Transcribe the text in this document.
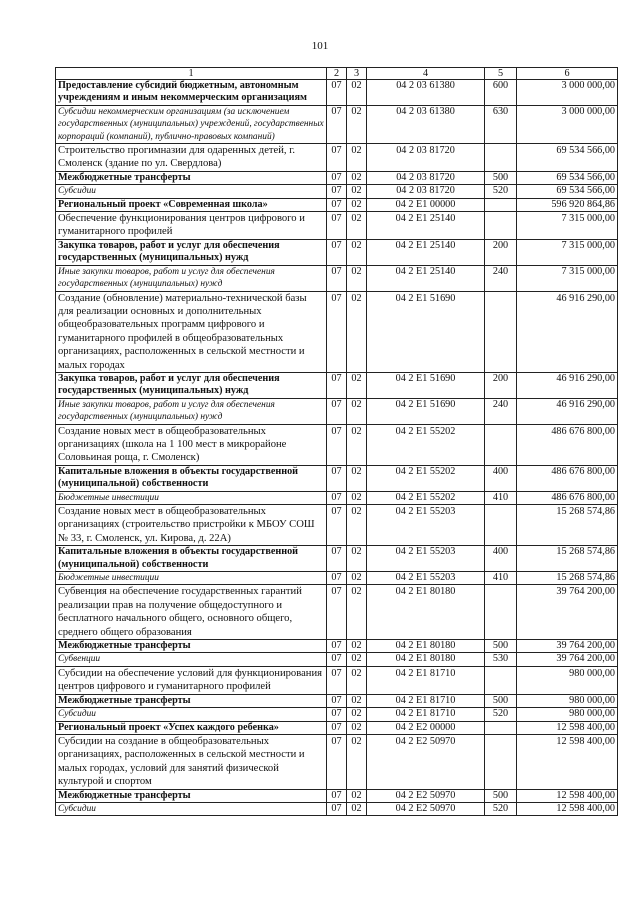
101
1	2	3	4	5	6
Предоставление субсидий бюджетным, автономным учреждениям и иным некоммерческим организациям	07	02	04 2 03 61380	600	3 000 000,00
Субсидии некоммерческим организациям (за исключением государственных (муниципальных) учреждений, государственных корпораций (компаний), публично-правовых компаний)	07	02	04 2 03 61380	630	3 000 000,00
Строительство прогимназии для одаренных детей, г. Смоленск (здание по ул. Свердлова)	07	02	04 2 03 81720		69 534 566,00
Межбюджетные трансферты	07	02	04 2 03 81720	500	69 534 566,00
Субсидии	07	02	04 2 03 81720	520	69 534 566,00
Региональный проект «Современная школа»	07	02	04 2 E1 00000		596 920 864,86
Обеспечение функционирования центров цифрового и гуманитарного профилей	07	02	04 2 E1 25140		7 315 000,00
Закупка товаров, работ и услуг для обеспечения государственных (муниципальных) нужд	07	02	04 2 E1 25140	200	7 315 000,00
Иные закупки товаров, работ и услуг для обеспечения государственных (муниципальных) нужд	07	02	04 2 E1 25140	240	7 315 000,00
Создание (обновление) материально-технической базы для реализации основных и дополнительных общеобразовательных программ цифрового и гуманитарного профилей в общеобразовательных организациях, расположенных в сельской местности и малых городах	07	02	04 2 E1 51690		46 916 290,00
Закупка товаров, работ и услуг для обеспечения государственных (муниципальных) нужд	07	02	04 2 E1 51690	200	46 916 290,00
Иные закупки товаров, работ и услуг для обеспечения государственных (муниципальных) нужд	07	02	04 2 E1 51690	240	46 916 290,00
Создание новых мест в общеобразовательных организациях (школа на 1 100 мест в микрорайоне Соловьиная роща, г. Смоленск)	07	02	04 2 E1 55202		486 676 800,00
Капитальные вложения в объекты государственной (муниципальной) собственности	07	02	04 2 E1 55202	400	486 676 800,00
Бюджетные инвестиции	07	02	04 2 E1 55202	410	486 676 800,00
Создание новых мест в общеобразовательных организациях (строительство пристройки к МБОУ СОШ № 33, г. Смоленск, ул. Кирова, д. 22А)	07	02	04 2 E1 55203		15 268 574,86
Капитальные вложения в объекты государственной (муниципальной) собственности	07	02	04 2 E1 55203	400	15 268 574,86
Бюджетные инвестиции	07	02	04 2 E1 55203	410	15 268 574,86
Субвенция на обеспечение государственных гарантий реализации прав на получение общедоступного и бесплатного начального общего, основного общего, среднего общего образования	07	02	04 2 E1 80180		39 764 200,00
Межбюджетные трансферты	07	02	04 2 E1 80180	500	39 764 200,00
Субвенции	07	02	04 2 E1 80180	530	39 764 200,00
Субсидии на обеспечение условий для функционирования центров цифрового и гуманитарного профилей	07	02	04 2 E1 81710		980 000,00
Межбюджетные трансферты	07	02	04 2 E1 81710	500	980 000,00
Субсидии	07	02	04 2 E1 81710	520	980 000,00
Региональный проект «Успех каждого ребенка»	07	02	04 2 E2 00000		12 598 400,00
Субсидии на создание в общеобразовательных организациях, расположенных в сельской местности и малых городах, условий для занятий физической культурой и спортом	07	02	04 2 E2 50970		12 598 400,00
Межбюджетные трансферты	07	02	04 2 E2 50970	500	12 598 400,00
Субсидии	07	02	04 2 E2 50970	520	12 598 400,00
